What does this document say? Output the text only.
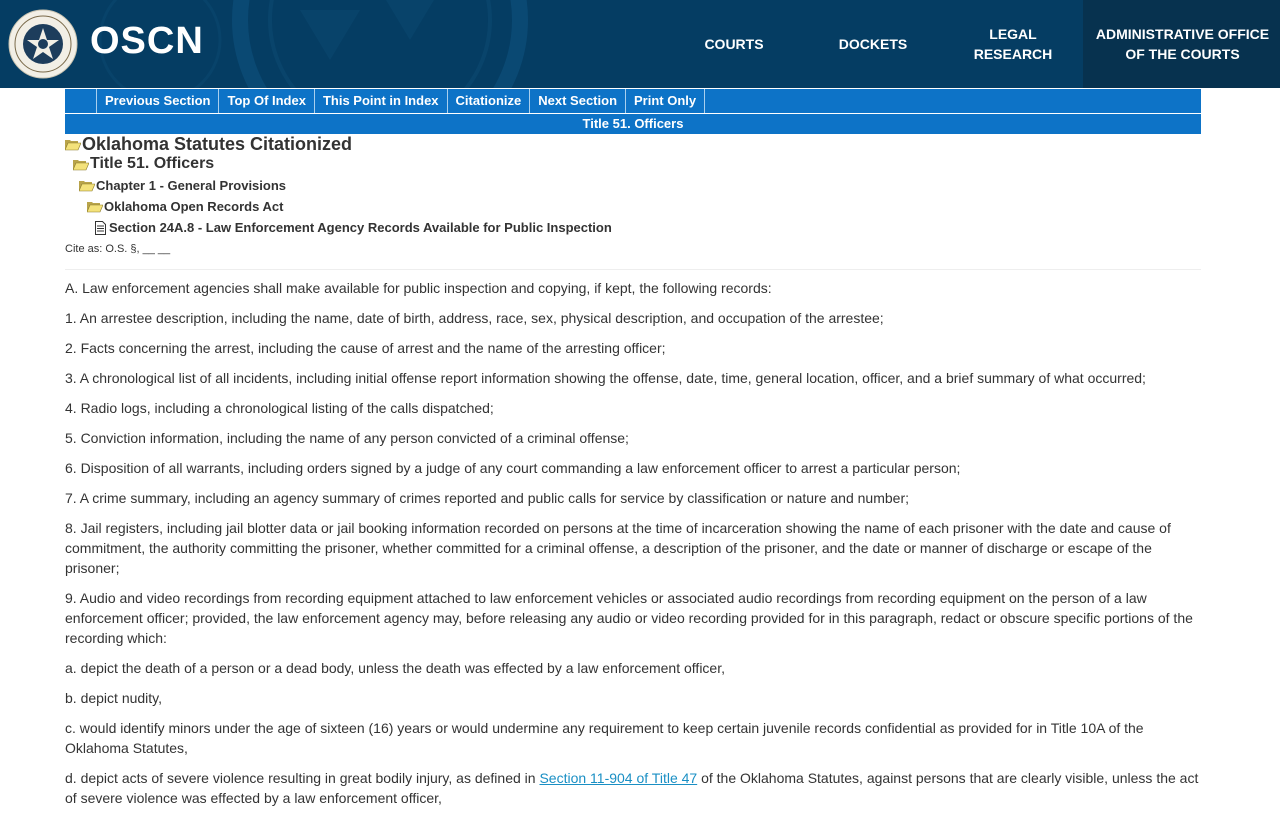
OSCN	COURTS	DOCKETS
LEGAL RESEARCH
ADMINISTRATIVE OFFICE OF THE COURTS
Previous Section	Top Of Index	This Point in Index	Citationize	Next Section	Print Only
Title 51. Officers
Oklahoma Statutes Citationized
Title 51. Officers
Chapter 1 - General Provisions
Oklahoma Open Records Act
Section 24A.8 - Law Enforcement Agency Records Available for Public Inspection
Cite as: O.S. §, __ __

A. Law enforcement agencies shall make available for public inspection and copying, if kept, the following records:

1. An arrestee description, including the name, date of birth, address, race, sex, physical description, and occupation of the arrestee;

2. Facts concerning the arrest, including the cause of arrest and the name of the arresting officer;

3. A chronological list of all incidents, including initial offense report information showing the offense, date, time, general location, officer, and a brief summary of what occurred;

4. Radio logs, including a chronological listing of the calls dispatched;

5. Conviction information, including the name of any person convicted of a criminal offense;

6. Disposition of all warrants, including orders signed by a judge of any court commanding a law enforcement officer to arrest a particular person;

7. A crime summary, including an agency summary of crimes reported and public calls for service by classification or nature and number;

8. Jail registers, including jail blotter data or jail booking information recorded on persons at the time of incarceration showing the name of each prisoner with the date and cause of commitment, the authority committing the prisoner, whether committed for a criminal offense, a description of the prisoner, and the date or manner of discharge or escape of the prisoner;

9. Audio and video recordings from recording equipment attached to law enforcement vehicles or associated audio recordings from recording equipment on the person of a law enforcement officer; provided, the law enforcement agency may, before releasing any audio or video recording provided for in this paragraph, redact or obscure specific portions of the recording which:

a. depict the death of a person or a dead body, unless the death was effected by a law enforcement officer,

b. depict nudity,

c. would identify minors under the age of sixteen (16) years or would undermine any requirement to keep certain juvenile records confidential as provided for in Title 10A of the Oklahoma Statutes,

d. depict acts of severe violence resulting in great bodily injury, as defined in Section 11-904 of Title 47 of the Oklahoma Statutes, against persons that are clearly visible, unless the act of severe violence was effected by a law enforcement officer,
